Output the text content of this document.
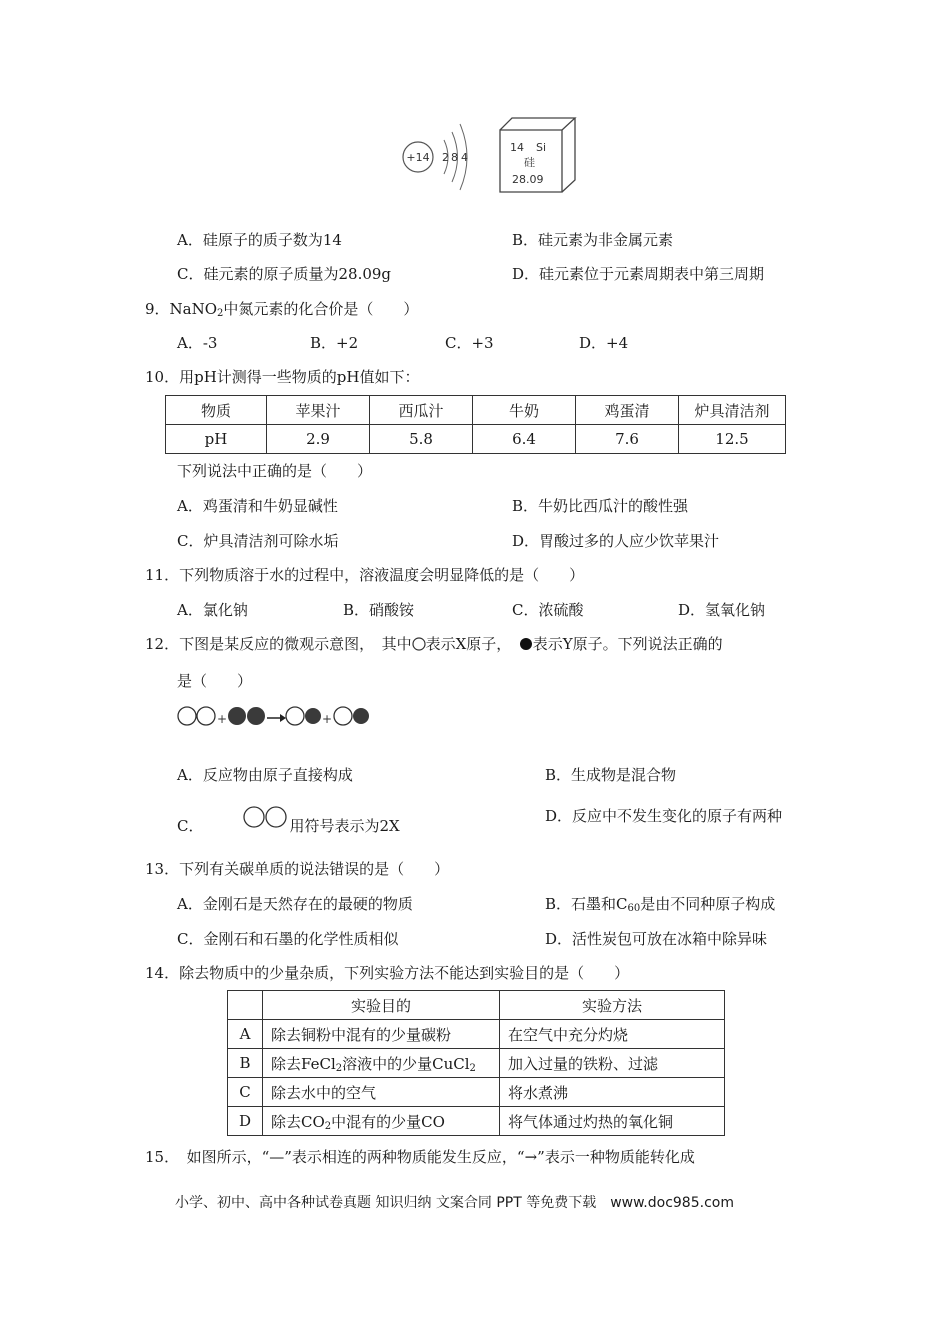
+14 2 8 4
14 Si
硅
28.09
A．硅原子的质子数为14	B．硅元素为非金属元素
C．硅元素的原子质量为28.09g	D．硅元素位于元素周期表中第三周期
9．NaNO$_2$中氮元素的化合价是（　　）
A．-3	B．+2	C．+3	D．+4
10．用pH计测得一些物质的pH值如下：
物质	苹果汁	西瓜汁	牛奶	鸡蛋清	炉具清洁剂
pH	2.9	5.8	6.4	7.6	12.5
下列说法中正确的是（　　）
A．鸡蛋清和牛奶显碱性	B．牛奶比西瓜汁的酸性强
C．炉具清洁剂可除水垢	D．胃酸过多的人应少饮苹果汁
11．下列物质溶于水的过程中，溶液温度会明显降低的是（　　）
A．氯化钠	B．硝酸铵	C．浓硫酸	D．氢氧化钠
12．下图是某反应的微观示意图，　其中 表示X原子，　表示Y原子。下列说法正确的
是（　　）
+	+
A．反应物由原子直接构成	B．生成物是混合物
C．	用符号表示为2X
D．反应中不发生变化的原子有两种
13．下列有关碳单质的说法错误的是（　　）
A．金刚石是天然存在的最硬的物质	B．石墨和$C_{60}$是由不同种原子构成
C．金刚石和石墨的化学性质相似	D．活性炭包可放在冰箱中除异味
14．除去物质中的少量杂质，下列实验方法不能达到实验目的是（　　）
	实验目的	实验方法
A	除去铜粉中混有的少量碳粉	在空气中充分灼烧
B	除去FeCl$_2$溶液中的少量CuCl$_2$	加入过量的铁粉、过滤
C	除去水中的空气	将水煮沸
D	除去$CO_2$中混有的少量CO	将气体通过灼热的氧化铜
15．　如图所示，“—”表示相连的两种物质能发生反应，“→”表示一种物质能转化成
小学、初中、高中各种试卷真题 知识归纳 文案合同 PPT 等免费下载　www.doc985.com
